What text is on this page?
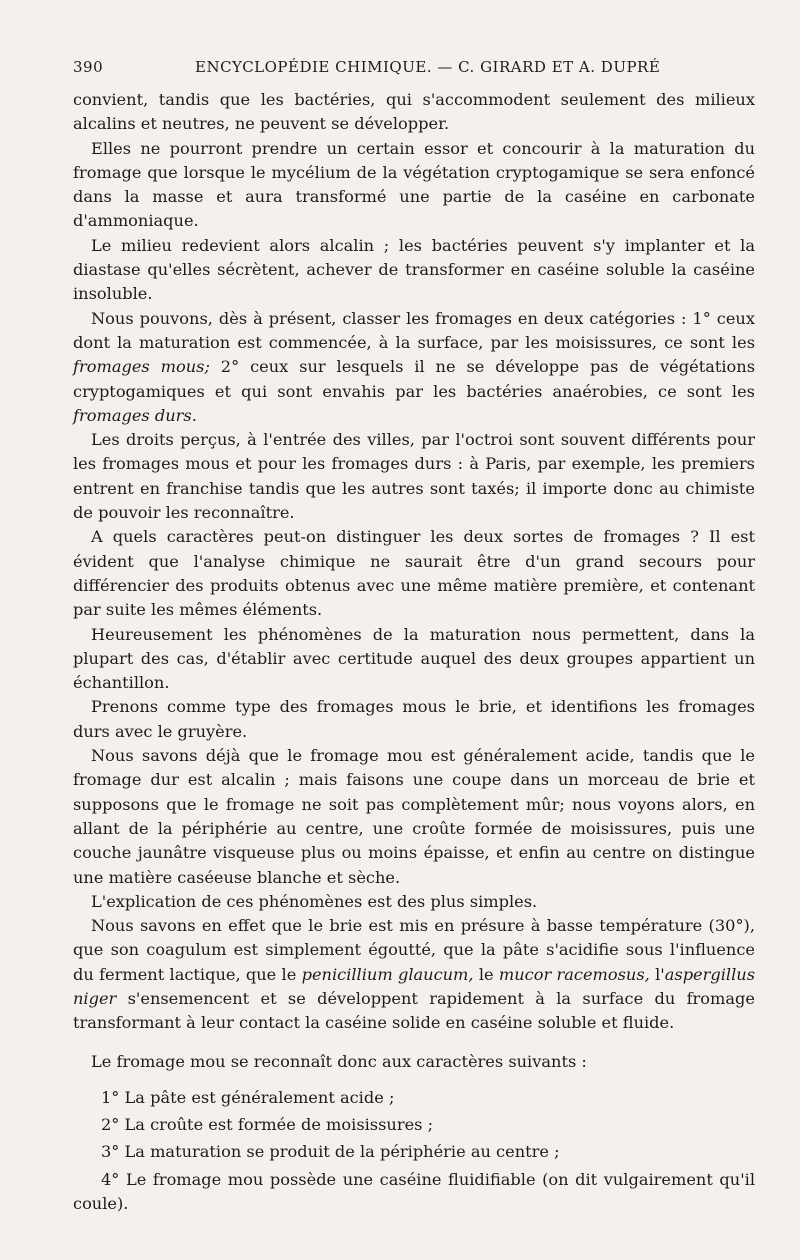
390	ENCYCLOPÉDIE CHIMIQUE. — C. GIRARD ET A. DUPRÉ

convient, tandis que les bactéries, qui s'accommodent seulement des milieux alcalins et neutres, ne peuvent se développer.

Elles ne pourront prendre un certain essor et concourir à la maturation du fromage que lorsque le mycélium de la végétation cryptogamique se sera enfoncé dans la masse et aura transformé une partie de la caséine en carbonate d'ammoniaque.

Le milieu redevient alors alcalin ; les bactéries peuvent s'y implanter et la diastase qu'elles sécrètent, achever de transformer en caséine soluble la caséine insoluble.

Nous pouvons, dès à présent, classer les fromages en deux catégories : 1° ceux dont la maturation est commencée, à la surface, par les moisissures, ce sont les fromages mous; 2° ceux sur lesquels il ne se développe pas de végétations cryptogamiques et qui sont envahis par les bactéries anaérobies, ce sont les fromages durs.

Les droits perçus, à l'entrée des villes, par l'octroi sont souvent différents pour les fromages mous et pour les fromages durs : à Paris, par exemple, les premiers entrent en franchise tandis que les autres sont taxés; il importe donc au chimiste de pouvoir les reconnaître.

A quels caractères peut-on distinguer les deux sortes de fromages ? Il est évident que l'analyse chimique ne saurait être d'un grand secours pour différencier des produits obtenus avec une même matière première, et contenant par suite les mêmes éléments.

Heureusement les phénomènes de la maturation nous permettent, dans la plupart des cas, d'établir avec certitude auquel des deux groupes appartient un échantillon.

Prenons comme type des fromages mous le brie, et identifions les fromages durs avec le gruyère.

Nous savons déjà que le fromage mou est généralement acide, tandis que le fromage dur est alcalin ; mais faisons une coupe dans un morceau de brie et supposons que le fromage ne soit pas complètement mûr; nous voyons alors, en allant de la périphérie au centre, une croûte formée de moisissures, puis une couche jaunâtre visqueuse plus ou moins épaisse, et enfin au centre on distingue une matière caséeuse blanche et sèche.

L'explication de ces phénomènes est des plus simples.

Nous savons en effet que le brie est mis en présure à basse température (30°), que son coagulum est simplement égoutté, que la pâte s'acidifie sous l'influence du ferment lactique, que le penicillium glaucum, le mucor racemosus, l'aspergillus niger s'ensemencent et se développent rapidement à la surface du fromage transformant à leur contact la caséine solide en caséine soluble et fluide.

Le fromage mou se reconnaît donc aux caractères suivants :

1° La pâte est généralement acide ;
2° La croûte est formée de moisissures ;
3° La maturation se produit de la périphérie au centre ;
4° Le fromage mou possède une caséine fluidifiable (on dit vulgairement qu'il coule).
